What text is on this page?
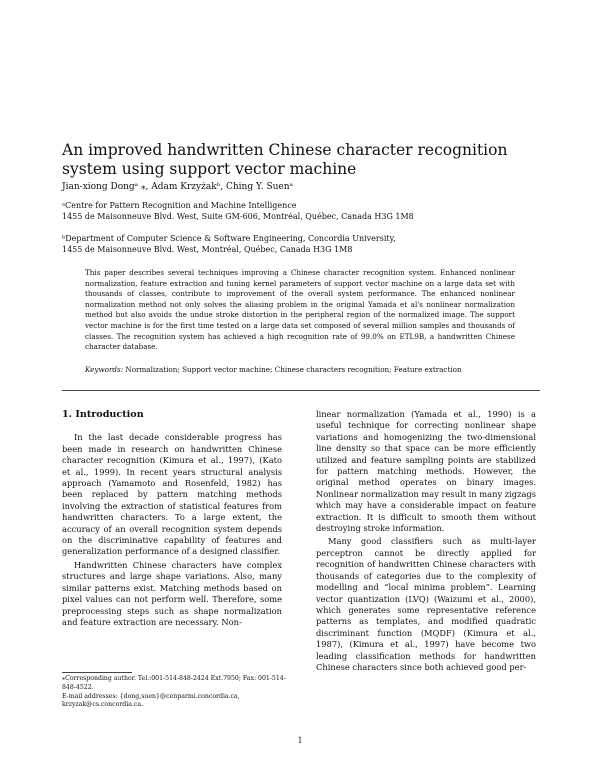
An improved handwritten Chinese character recognition system using support vector machine
Jian-xiong Dongᵃ ⁎, Adam Krzyżakᵇ, Ching Y. Suenᵃ
ᵃCentre for Pattern Recognition and Machine Intelligence
1455 de Maisonneuve Blvd. West, Suite GM-606, Montréal, Québec, Canada H3G 1M8
ᵇDepartment of Computer Science & Software Engineering, Concordia University,
1455 de Maisonneuve Blvd. West, Montréal, Québec, Canada H3G 1M8
This paper describes several techniques improving a Chinese character recognition system. Enhanced nonlinear normalization, feature extraction and tuning kernel parameters of support vector machine on a large data set with thousands of classes, contribute to improvement of the overall system performance. The enhanced nonlinear normalization method not only solves the aliasing problem in the original Yamada et al's nonlinear normalization method but also avoids the undue stroke distortion in the peripheral region of the normalized image. The support vector machine is for the first time tested on a large data set composed of several million samples and thousands of classes. The recognition system has achieved a high recognition rate of 99.0% on ETL9B, a handwritten Chinese character database.
Keywords: Normalization; Support vector machine; Chinese characters recognition; Feature extraction

1. Introduction

In the last decade considerable progress has been made in research on handwritten Chinese character recognition (Kimura et al., 1997), (Kato et al., 1999). In recent years structural analysis approach (Yamamoto and Rosenfeld, 1982) has been replaced by pattern matching methods involving the extraction of statistical features from handwritten characters. To a large extent, the accuracy of an overall recognition system depends on the discriminative capability of features and generalization performance of a designed classifier.

Handwritten Chinese characters have complex structures and large shape variations. Also, many similar patterns exist. Matching methods based on pixel values can not perform well. Therefore, some preprocessing steps such as shape normalization and feature extraction are necessary. Non-

linear normalization (Yamada et al., 1990) is a useful technique for correcting nonlinear shape variations and homogenizing the two-dimensional line density so that space can be more efficiently utilized and feature sampling points are stabilized for pattern matching methods. However, the original method operates on binary images. Nonlinear normalization may result in many zigzags which may have a considerable impact on feature extraction. It is difficult to smooth them without destroying stroke information.

Many good classifiers such as multi-layer perceptron cannot be directly applied for recognition of handwritten Chinese characters with thousands of categories due to the complexity of modelling and “local minima problem”. Learning vector quantization (LVQ) (Waizumi et al., 2000), which generates some representative reference patterns as templates, and modified quadratic discriminant function (MQDF) (Kimura et al., 1987), (Kimura et al., 1997) have become two leading classification methods for handwritten Chinese characters since both achieved good per-

⁎Corresponding author. Tel.:001-514-848-2424 Ext.7950; Fax: 001-514-848-4522.
E-mail addresses: {dong,suen}@cenparmi.concordia.ca, krzyzak@cs.concordia.ca.
1
